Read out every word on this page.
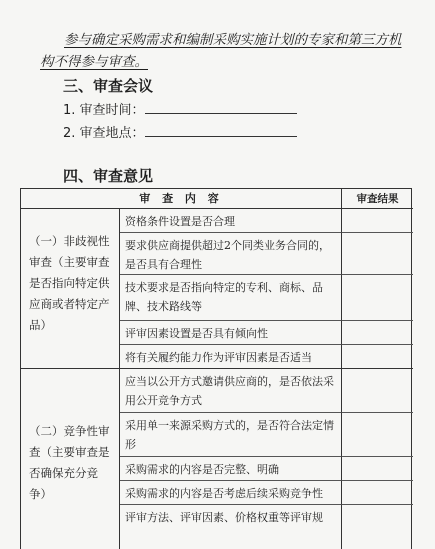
参与确定采购需求和编制采购实施计划的专家和第三方机
构不得参与审查。
三、审查会议
1. 审查时间：
2. 审查地点：
四、审查意见
审 查 内 容	审查结果
（一）非歧视性审查（主要审查是否指向特定供应商或者特定产品）
资格条件设置是否合理
要求供应商提供超过2个同类业务合同的，是否具有合理性
技术要求是否指向特定的专利、商标、品牌、技术路线等
评审因素设置是否具有倾向性
将有关履约能力作为评审因素是否适当
（二）竞争性审查（主要审查是否确保充分竞争）
应当以公开方式邀请供应商的，是否依法采用公开竞争方式
采用单一来源采购方式的，是否符合法定情形
采购需求的内容是否完整、明确
采购需求的内容是否考虑后续采购竞争性
评审方法、评审因素、价格权重等评审规
